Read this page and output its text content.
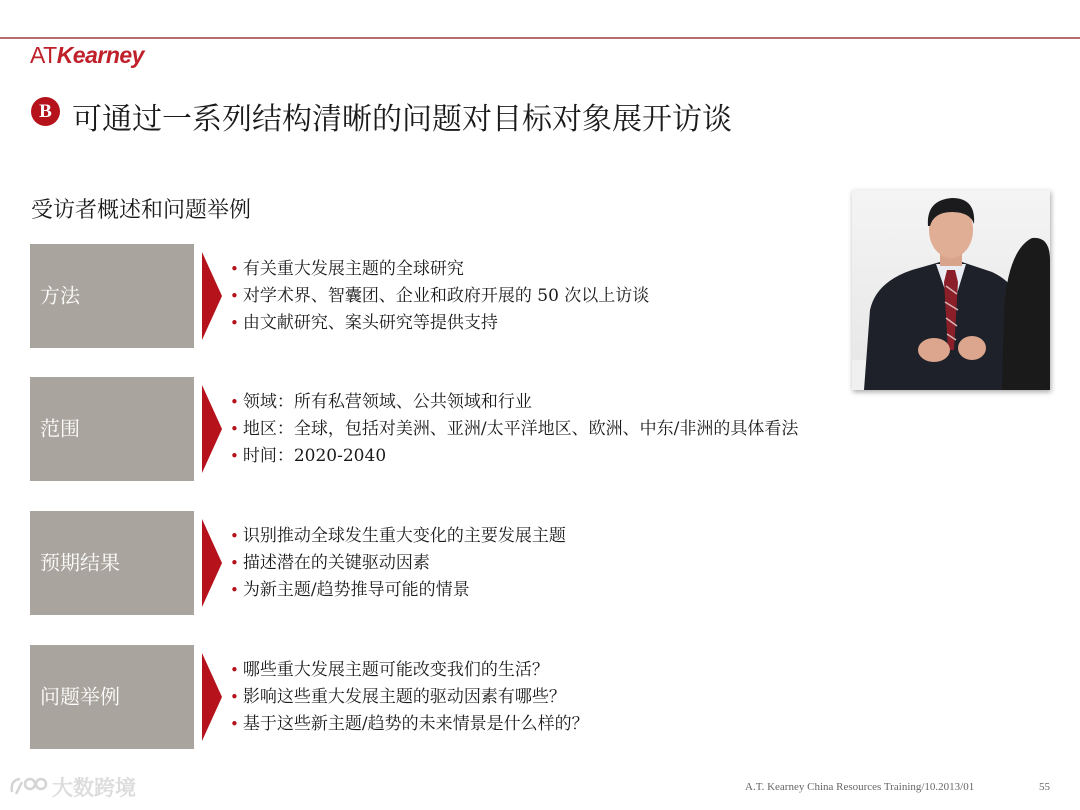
ATKearney
B 可通过一系列结构清晰的问题对目标对象展开访谈
受访者概述和问题举例
方法
• 有关重大发展主题的全球研究
• 对学术界、智囊团、企业和政府开展的 50 次以上访谈
• 由文献研究、案头研究等提供支持
范围
• 领域：所有私营领域、公共领域和行业
• 地区：全球，包括对美洲、亚洲/太平洋地区、欧洲、中东/非洲的具体看法
• 时间：2020-2040
预期结果
• 识别推动全球发生重大变化的主要发展主题
• 描述潜在的关键驱动因素
• 为新主题/趋势推导可能的情景
问题举例
• 哪些重大发展主题可能改变我们的生活？
• 影响这些重大发展主题的驱动因素有哪些？
• 基于这些新主题/趋势的未来情景是什么样的？
大数跨境	A.T. Kearney China Resources Training/10.2013/01	55
